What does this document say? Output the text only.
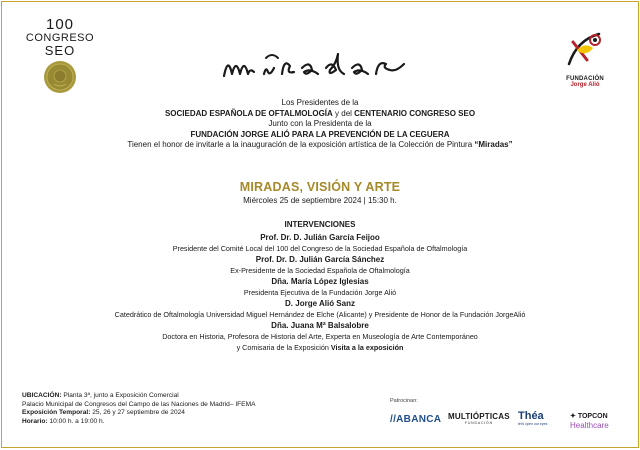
100
CONGRESO
SEO
FUNDACIÓN
Jorge Alió
Los Presidentes de la
SOCIEDAD ESPAÑOLA DE OFTALMOLOGÍA y del CENTENARIO CONGRESO SEO
Junto con la Presidenta de la
FUNDACIÓN JORGE ALIÓ PARA LA PREVENCIÓN DE LA CEGUERA
Tienen el honor de invitarle a la inauguración de la exposición artística de la Colección de Pintura “Miradas”
MIRADAS, VISIÓN Y ARTE
Miércoles 25 de septiembre 2024 | 15:30 h.
INTERVENCIONES
Prof. Dr. D. Julián García Feijoo
Presidente del Comité Local del 100 del Congreso de la Sociedad Española de Oftalmología
Prof. Dr. D. Julián García Sánchez
Ex-Presidente de la Sociedad Española de Oftalmología
Dña. María López Iglesias
Presidenta Ejecutiva de la Fundación Jorge Alió
D. Jorge Alió Sanz
Catedrático de Oftalmología Universidad Miguel Hernández de Elche (Alicante) y Presidente de Honor de la Fundación JorgeAlió
Dña. Juana Mª Balsalobre
Doctora en Historia, Profesora de Historia del Arte, Experta en Museología de Arte Contemporáneo
y Comisaria de la Exposición Visita a la exposición
UBICACIÓN: Planta 3ª, junto a Exposición Comercial
Palacio Municipal de Congresos del Campo de las Naciones de Madrid– IFEMA
Exposición Temporal: 25, 26 y 27 septiembre de 2024
Horario: 10:00 h. a 19:00 h.
Patrocinan:
//ABANCA MULTIÓPTICAS
FUNDACIÓN
Théa
let’s open our eyes
✦ TOPCON
Healthcare
